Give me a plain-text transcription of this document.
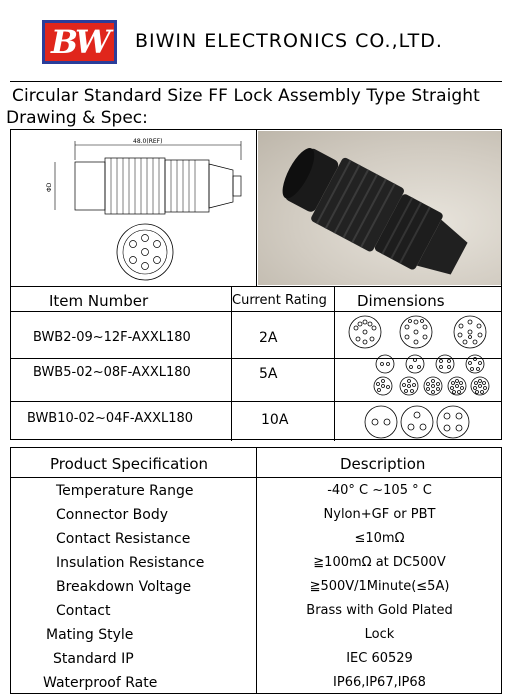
BW BIWIN ELECTRONICS CO.,LTD.
Circular Standard Size FF Lock Assembly Type Straight
Drawing & Spec:
48.0(REF)
ΦD
Item Number	Current Rating Dimensions
BWB2-09~12F-AXXL180	2A
BWB5-02~08F-AXXL180	5A
BWB10-02~04F-AXXL180	10A
Product Specification	Description
Temperature Range	-40° C ~105 ° C
Connector Body	Nylon+GF or PBT
Contact Resistance	≤10mΩ
Insulation Resistance	≧100mΩ at DC500V
Breakdown Voltage	≧500V/1Minute(≤5A)
Contact	Brass with Gold Plated
Mating Style	Lock
Standard IP	IEC 60529
Waterproof Rate	IP66,IP67,IP68
